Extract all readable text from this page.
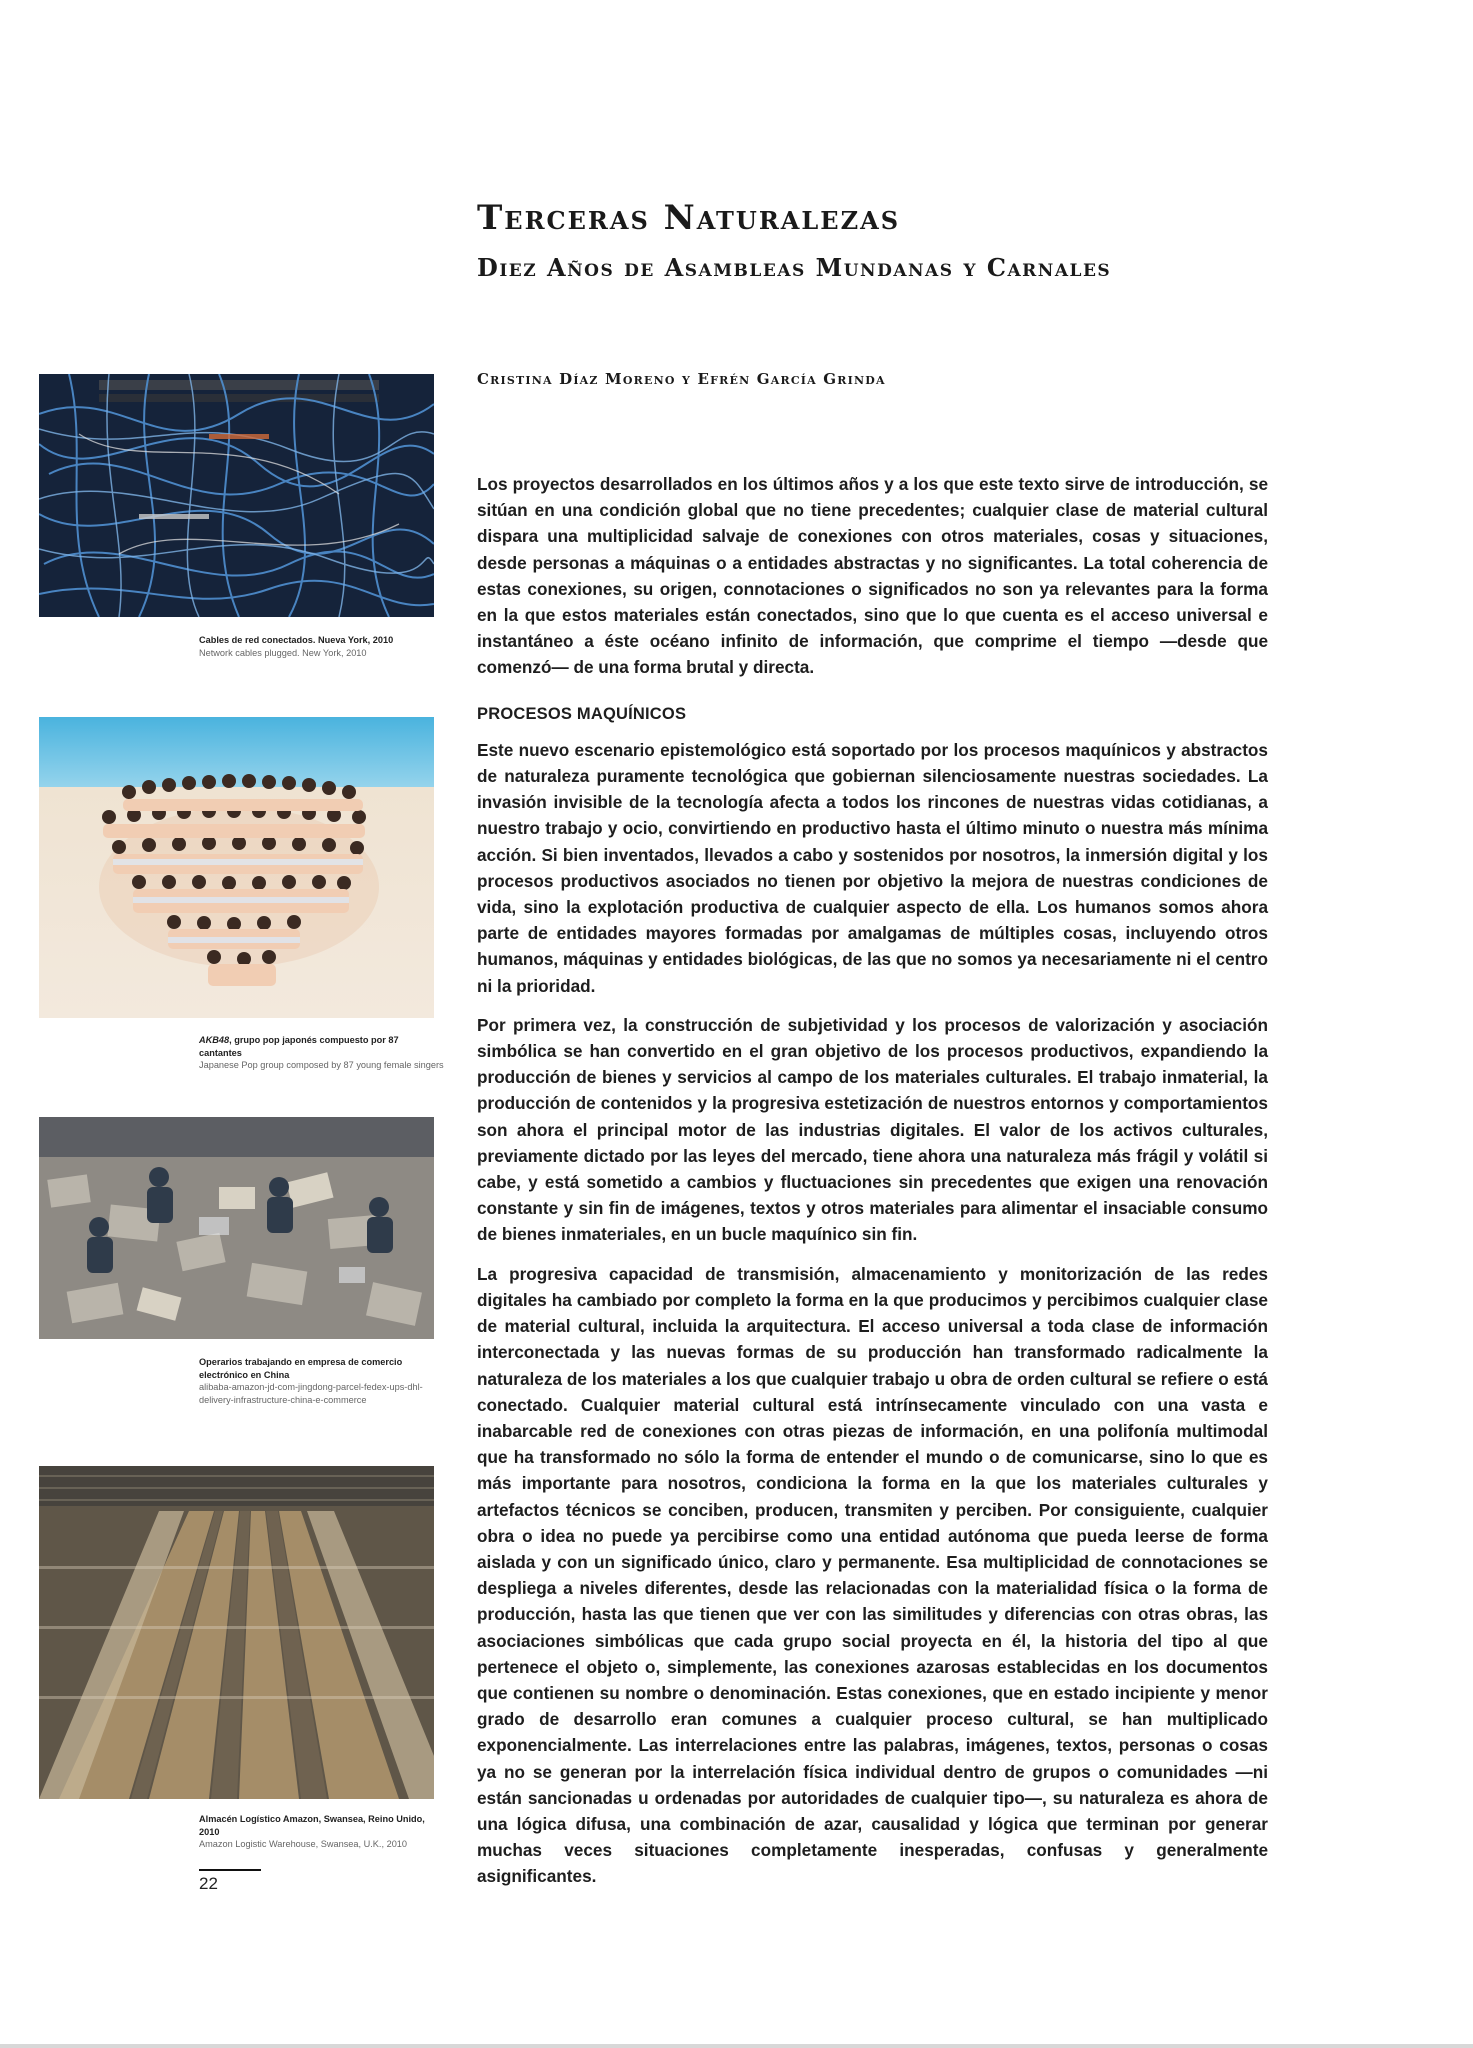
Terceras Naturalezas
Diez Años de Asambleas Mundanas y Carnales
Cristina Díaz Moreno y Efrén García Grinda
Cables de red conectados. Nueva York, 2010
Network cables plugged. New York, 2010
AKB48, grupo pop japonés compuesto por 87 cantantes
Japanese Pop group composed by 87 young female singers
Operarios trabajando en empresa de comercio electrónico en China
alibaba-amazon-jd-com-jingdong-parcel-fedex-ups-dhl-delivery-infrastructure-china-e-commerce
Almacén Logístico Amazon, Swansea, Reino Unido, 2010
Amazon Logistic Warehouse, Swansea, U.K., 2010

Los proyectos desarrollados en los últimos años y a los que este texto sirve de introducción, se sitúan en una condición global que no tiene precedentes; cualquier clase de material cultural dispara una multiplicidad salvaje de conexiones con otros materiales, cosas y situaciones, desde personas a máquinas o a entidades abstractas y no significantes. La total coherencia de estas conexiones, su origen, connotaciones o significados no son ya relevantes para la forma en la que estos materiales están conectados, sino que lo que cuenta es el acceso universal e instantáneo a éste océano infinito de información, que comprime el tiempo —desde que comenzó— de una forma brutal y directa.

PROCESOS MAQUÍNICOS

Este nuevo escenario epistemológico está soportado por los procesos maquínicos y abstractos de naturaleza puramente tecnológica que gobiernan silenciosamente nuestras sociedades. La invasión invisible de la tecnología afecta a todos los rincones de nuestras vidas cotidianas, a nuestro trabajo y ocio, convirtiendo en productivo hasta el último minuto o nuestra más mínima acción. Si bien inventados, llevados a cabo y sostenidos por nosotros, la inmersión digital y los procesos productivos asociados no tienen por objetivo la mejora de nuestras condiciones de vida, sino la explotación productiva de cualquier aspecto de ella. Los humanos somos ahora parte de entidades mayores formadas por amalgamas de múltiples cosas, incluyendo otros humanos, máquinas y entidades biológicas, de las que no somos ya necesariamente ni el centro ni la prioridad.

Por primera vez, la construcción de subjetividad y los procesos de valorización y asociación simbólica se han convertido en el gran objetivo de los procesos productivos, expandiendo la producción de bienes y servicios al campo de los materiales culturales. El trabajo inmaterial, la producción de contenidos y la progresiva estetización de nuestros entornos y comportamientos son ahora el principal motor de las industrias digitales. El valor de los activos culturales, previamente dictado por las leyes del mercado, tiene ahora una naturaleza más frágil y volátil si cabe, y está sometido a cambios y fluctuaciones sin precedentes que exigen una renovación constante y sin fin de imágenes, textos y otros materiales para alimentar el insaciable consumo de bienes inmateriales, en un bucle maquínico sin fin.

La progresiva capacidad de transmisión, almacenamiento y monitorización de las redes digitales ha cambiado por completo la forma en la que producimos y percibimos cualquier clase de material cultural, incluida la arquitectura. El acceso universal a toda clase de información interconectada y las nuevas formas de su producción han transformado radicalmente la naturaleza de los materiales a los que cualquier trabajo u obra de orden cultural se refiere o está conectado. Cualquier material cultural está intrínsecamente vinculado con una vasta e inabarcable red de conexiones con otras piezas de información, en una polifonía multimodal que ha transformado no sólo la forma de entender el mundo o de comunicarse, sino lo que es más importante para nosotros, condiciona la forma en la que los materiales culturales y artefactos técnicos se conciben, producen, transmiten y perciben. Por consiguiente, cualquier obra o idea no puede ya percibirse como una entidad autónoma que pueda leerse de forma aislada y con un significado único, claro y permanente. Esa multiplicidad de connotaciones se despliega a niveles diferentes, desde las relacionadas con la materialidad física o la forma de producción, hasta las que tienen que ver con las similitudes y diferencias con otras obras, las asociaciones simbólicas que cada grupo social proyecta en él, la historia del tipo al que pertenece el objeto o, simplemente, las conexiones azarosas establecidas en los documentos que contienen su nombre o denominación. Estas conexiones, que en estado incipiente y menor grado de desarrollo eran comunes a cualquier proceso cultural, se han multiplicado exponencialmente. Las interrelaciones entre las palabras, imágenes, textos, personas o cosas ya no se generan por la interrelación física individual dentro de grupos o comunidades —ni están sancionadas u ordenadas por autoridades de cualquier tipo—, su naturaleza es ahora de una lógica difusa, una combinación de azar, causalidad y lógica que terminan por generar muchas veces situaciones completamente inesperadas, confusas y generalmente asignificantes.

22
